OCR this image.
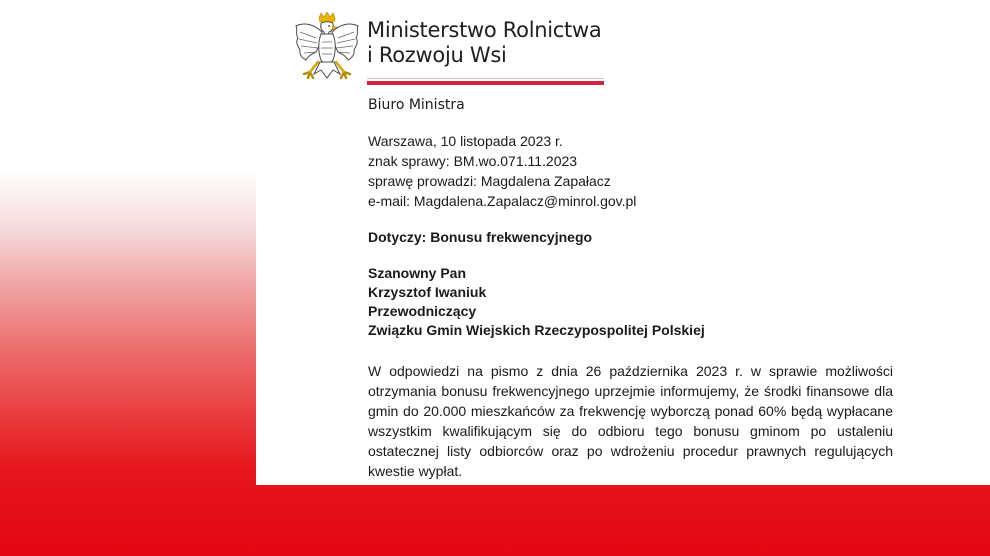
Ministerstwo Rolnictwa
i Rozwoju Wsi
Biuro Ministra
Warszawa, 10 listopada 2023 r.
znak sprawy: BM.wo.071.11.2023
sprawę prowadzi: Magdalena Zapałacz
e-mail: Magdalena.Zapalacz@minrol.gov.pl
Dotyczy: Bonusu frekwencyjnego
Szanowny Pan
Krzysztof Iwaniuk
Przewodniczący
Związku Gmin Wiejskich Rzeczypospolitej Polskiej
W odpowiedzi na pismo z dnia 26 października 2023 r. w sprawie możliwości otrzymania bonusu frekwencyjnego uprzejmie informujemy, że środki finansowe dla gmin do 20.000 mieszkańców za frekwencję wyborczą ponad 60% będą wypłacane wszystkim kwalifikującym się do odbioru tego bonusu gminom po ustaleniu ostatecznej listy odbiorców oraz po wdrożeniu procedur prawnych regulujących kwestie wypłat.
